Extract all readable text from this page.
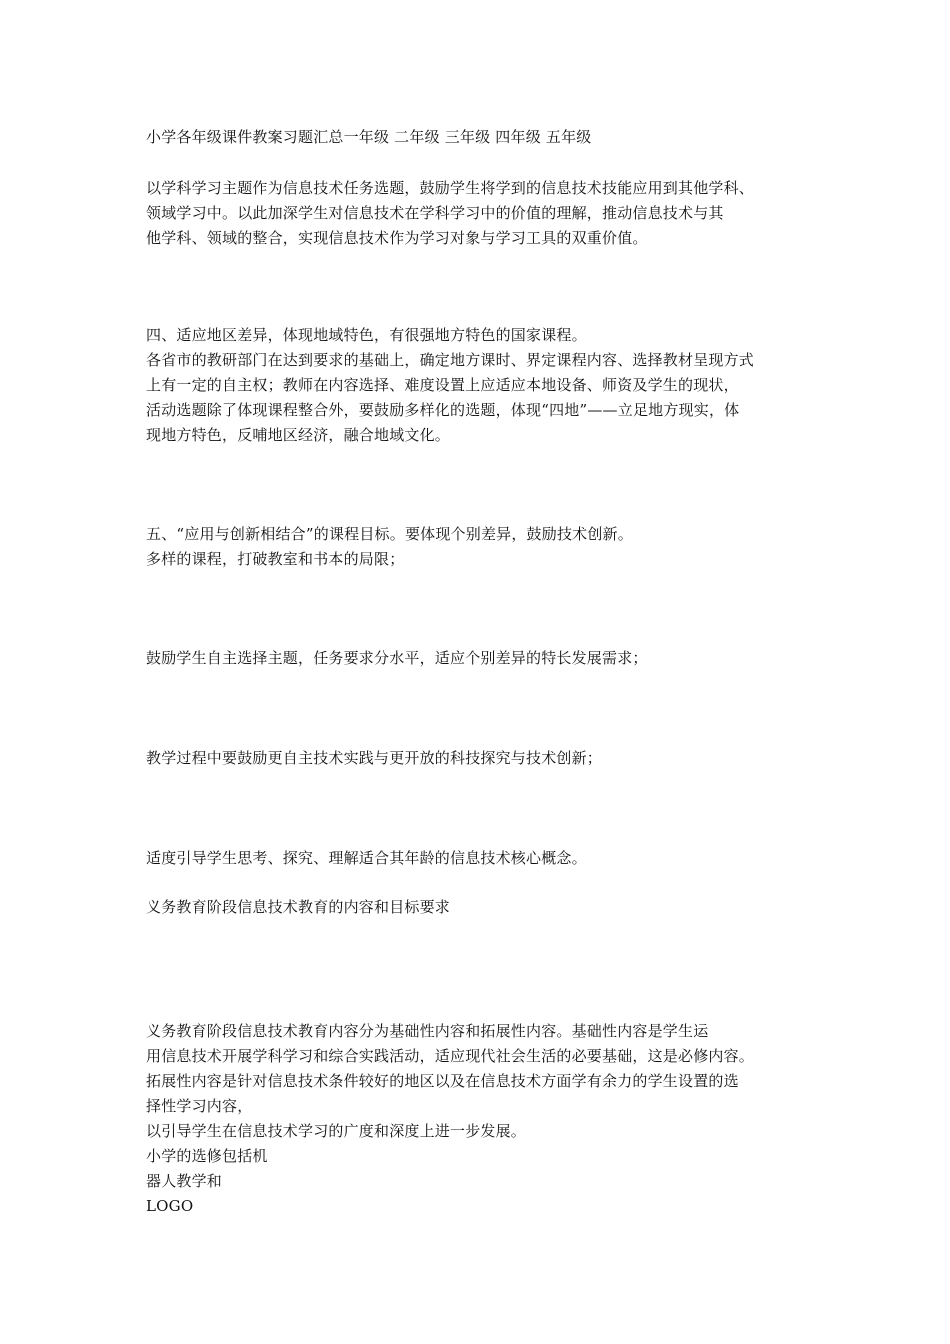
小学各年级课件教案习题汇总一年级 二年级 三年级 四年级 五年级
以学科学习主题作为信息技术任务选题，鼓励学生将学到的信息技术技能应用到其他学科、
领域学习中。以此加深学生对信息技术在学科学习中的价值的理解，推动信息技术与其
他学科、领域的整合，实现信息技术作为学习对象与学习工具的双重价值。
四、适应地区差异，体现地域特色，有很强地方特色的国家课程。
各省市的教研部门在达到要求的基础上，确定地方课时、界定课程内容、选择教材呈现方式
上有一定的自主权；教师在内容选择、难度设置上应适应本地设备、师资及学生的现状，
活动选题除了体现课程整合外，要鼓励多样化的选题，体现“四地”——立足地方现实，体
现地方特色，反哺地区经济，融合地域文化。
五、“应用与创新相结合”的课程目标。要体现个别差异，鼓励技术创新。
多样的课程，打破教室和书本的局限；
鼓励学生自主选择主题，任务要求分水平，适应个别差异的特长发展需求；
教学过程中要鼓励更自主技术实践与更开放的科技探究与技术创新；
适度引导学生思考、探究、理解适合其年龄的信息技术核心概念。
义务教育阶段信息技术教育的内容和目标要求
义务教育阶段信息技术教育内容分为基础性内容和拓展性内容。基础性内容是学生运
用信息技术开展学科学习和综合实践活动，适应现代社会生活的必要基础，这是必修内容。
拓展性内容是针对信息技术条件较好的地区以及在信息技术方面学有余力的学生设置的选
择性学习内容，
以引导学生在信息技术学习的广度和深度上进一步发展。
小学的选修包括机
器人教学和
LOGO
